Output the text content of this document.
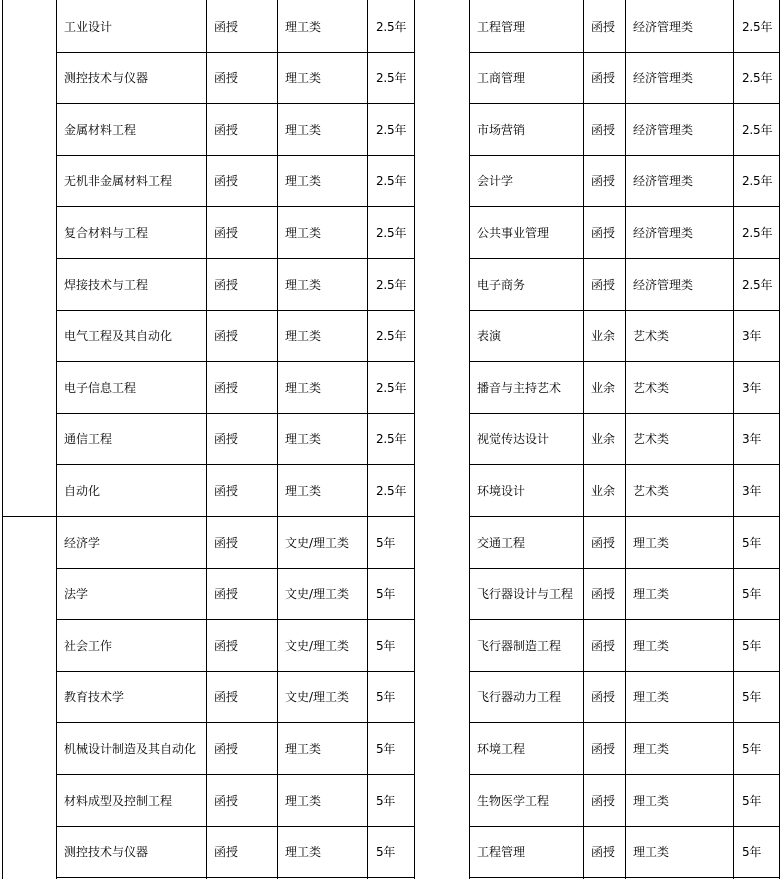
工业设计	函授	理工类	2.5年
测控技术与仪器	函授	理工类	2.5年
金属材料工程	函授	理工类	2.5年
无机非金属材料工程	函授	理工类	2.5年
复合材料与工程	函授	理工类	2.5年
焊接技术与工程	函授	理工类	2.5年
电气工程及其自动化	函授	理工类	2.5年
电子信息工程	函授	理工类	2.5年
通信工程	函授	理工类	2.5年
自动化	函授	理工类	2.5年
经济学	函授	文史/理工类	5年
法学	函授	文史/理工类	5年
社会工作	函授	文史/理工类	5年
教育技术学	函授	文史/理工类	5年
机械设计制造及其自动化	函授	理工类	5年
材料成型及控制工程	函授	理工类	5年
测控技术与仪器	函授	理工类	5年
工程管理	函授	经济管理类	2.5年
工商管理	函授	经济管理类	2.5年
市场营销	函授	经济管理类	2.5年
会计学	函授	经济管理类	2.5年
公共事业管理	函授	经济管理类	2.5年
电子商务	函授	经济管理类	2.5年
表演	业余	艺术类	3年
播音与主持艺术	业余	艺术类	3年
视觉传达设计	业余	艺术类	3年
环境设计	业余	艺术类	3年
交通工程	函授	理工类	5年
飞行器设计与工程	函授	理工类	5年
飞行器制造工程	函授	理工类	5年
飞行器动力工程	函授	理工类	5年
环境工程	函授	理工类	5年
生物医学工程	函授	理工类	5年
工程管理	函授	理工类	5年
